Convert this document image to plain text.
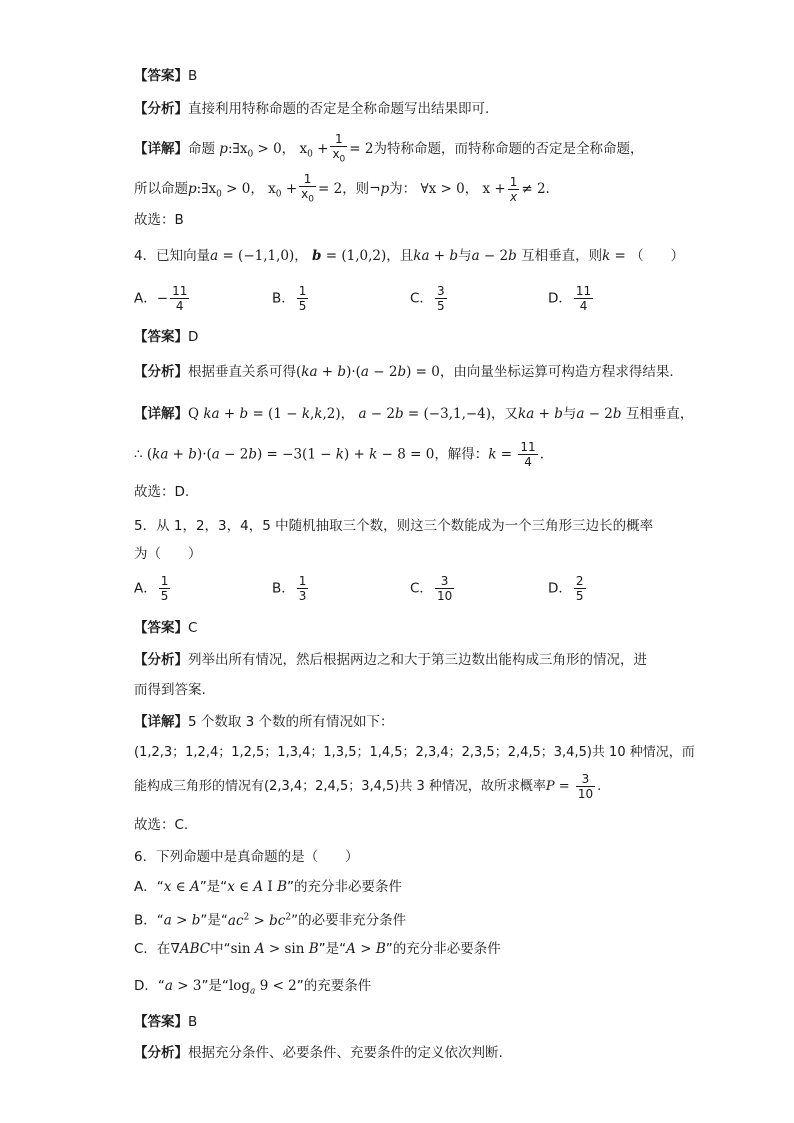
【答案】B
【分析】直接利用特称命题的否定是全称命题写出结果即可.
【详解】命题 $p:\exists x_0 > 0$， $x_0 + \frac{1}{x_0} = 2$为特称命题，而特称命题的否定是全称命题，
所以命题$p:\exists x_0 > 0$， $x_0 + \frac{1}{x_0} = 2$，则¬p为： ∀x > 0， $x + \frac{1}{x} \ne 2$.
故选：B
4．已知向量a = (−1,1,0)， b = (1,0,2)，且ka + b与a − 2b 互相垂直，则k = （　　）
A．− $\frac{11}{4}$	B． $\frac{1}{5}$	C． $\frac{3}{5}$	D． $\frac{11}{4}$
【答案】D
【分析】根据垂直关系可得(ka + b)·(a − 2b) = 0，由向量坐标运算可构造方程求得结果.
【详解】Q ka + b = (1 − k,k,2)， a − 2b = (−3,1,−4)，又ka + b与a − 2b 互相垂直，
∴ (ka + b)·(a − 2b) = −3(1 − k) + k − 8 = 0，解得：$k = \frac{11}{4}$ .
故选：D.
5．从 1，2，3，4，5 中随机抽取三个数，则这三个数能成为一个三角形三边长的概率
为（　　）
A． $\frac{1}{5}$	B． $\frac{1}{3}$	C． $\frac{3}{10}$	D． $\frac{2}{5}$
【答案】C
【分析】列举出所有情况，然后根据两边之和大于第三边数出能构成三角形的情况，进
而得到答案.
【详解】5 个数取 3 个数的所有情况如下：
(1,2,3；1,2,4；1,2,5；1,3,4；1,3,5；1,4,5；2,3,4；2,3,5；2,4,5；3,4,5)共 10 种情况，而
能构成三角形的情况有(2,3,4；2,4,5；3,4,5)共 3 种情况，故所求概率$P = \frac{3}{10}$ .
故选：C.
6．下列命题中是真命题的是（　　）
A．“x ∈ A”是“x ∈ A I B”的充分非必要条件
B．“a > b”是“$ac^2 > bc^2$”的必要非充分条件
C．在∇ABC中“sin A > sin B”是“A > B”的充分非必要条件
D．“a > 3”是“$\log_a$ 9 < 2”的充要条件
【答案】B
【分析】根据充分条件、必要条件、充要条件的定义依次判断.
